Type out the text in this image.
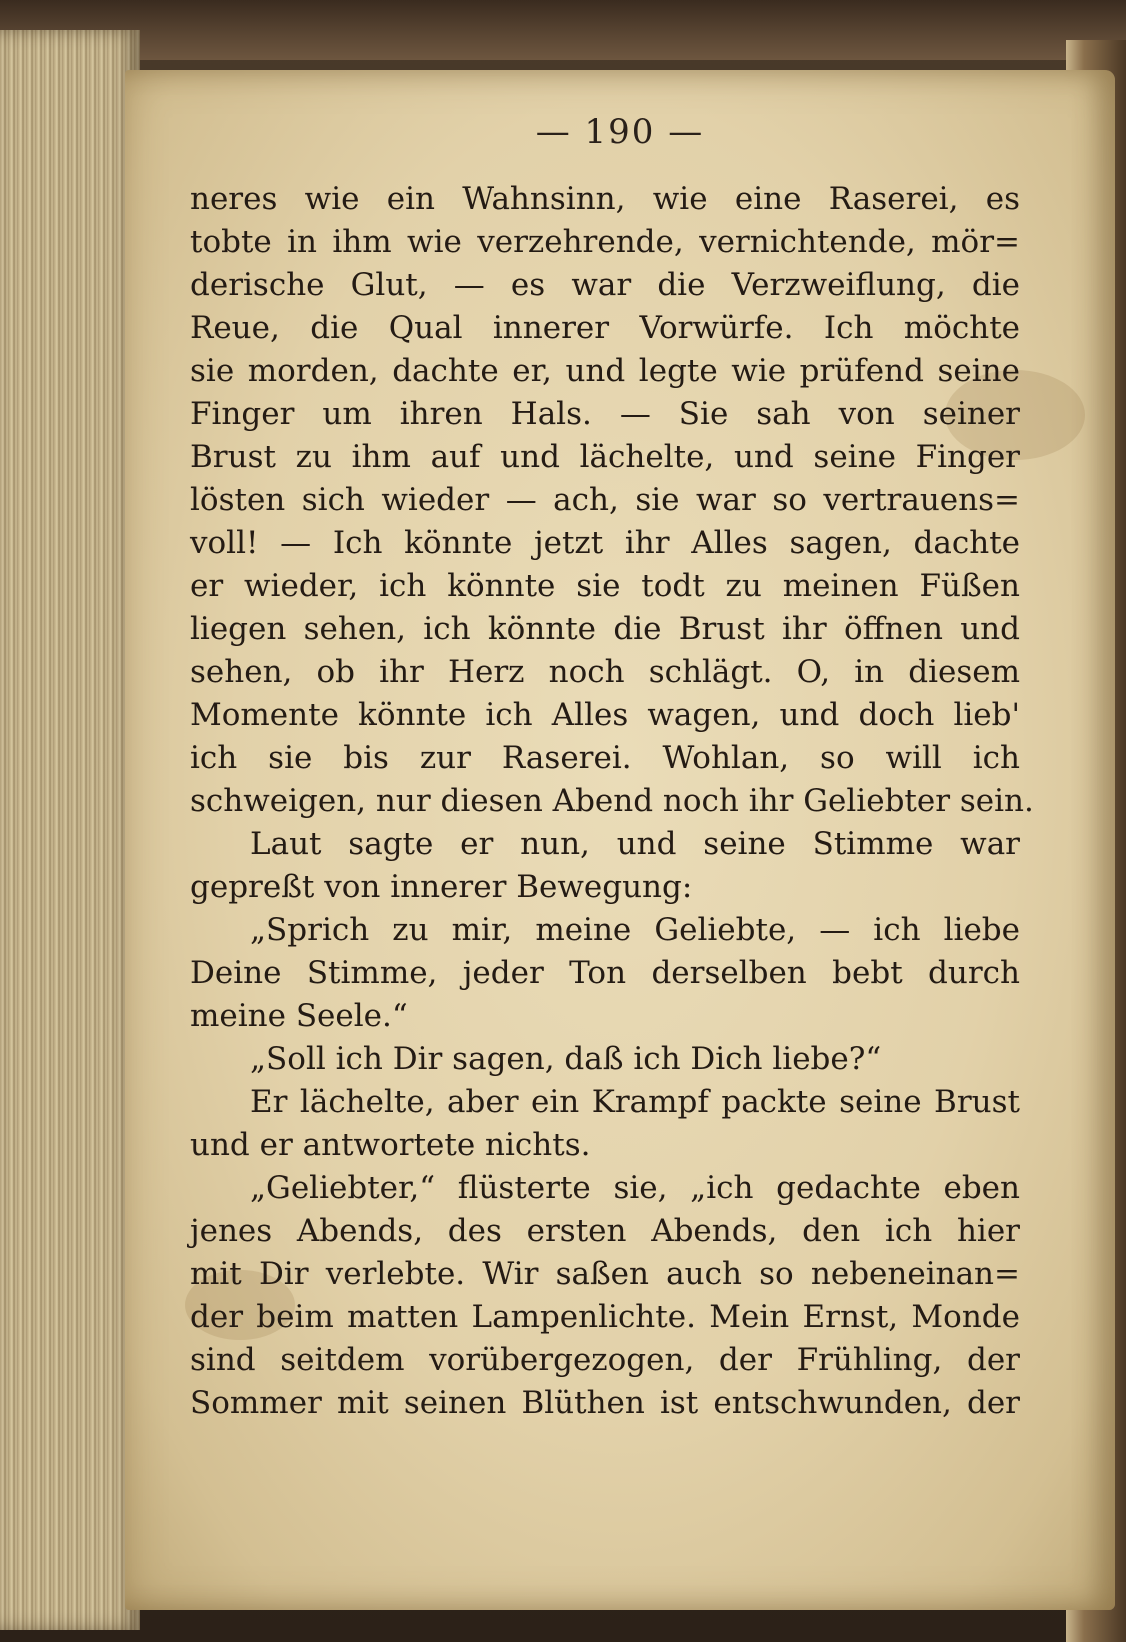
— 190 —
neres wie ein Wahnsinn, wie eine Raserei, es
tobte in ihm wie verzehrende, vernichtende, mör=
derische Glut, — es war die Verzweiflung, die
Reue, die Qual innerer Vorwürfe. Ich möchte
sie morden, dachte er, und legte wie prüfend seine
Finger um ihren Hals. — Sie sah von seiner
Brust zu ihm auf und lächelte, und seine Finger
lösten sich wieder — ach, sie war so vertrauens=
voll! — Ich könnte jetzt ihr Alles sagen, dachte
er wieder, ich könnte sie todt zu meinen Füßen
liegen sehen, ich könnte die Brust ihr öffnen und
sehen, ob ihr Herz noch schlägt. O, in diesem
Momente könnte ich Alles wagen, und doch lieb'
ich sie bis zur Raserei. Wohlan, so will ich
schweigen, nur diesen Abend noch ihr Geliebter sein.
Laut sagte er nun, und seine Stimme war
gepreßt von innerer Bewegung:
„Sprich zu mir, meine Geliebte, — ich liebe
Deine Stimme, jeder Ton derselben bebt durch
meine Seele.“
„Soll ich Dir sagen, daß ich Dich liebe?“
Er lächelte, aber ein Krampf packte seine Brust
und er antwortete nichts.
„Geliebter,“ flüsterte sie, „ich gedachte eben
jenes Abends, des ersten Abends, den ich hier
mit Dir verlebte. Wir saßen auch so nebeneinan=
der beim matten Lampenlichte. Mein Ernst, Monde
sind seitdem vorübergezogen, der Frühling, der
Sommer mit seinen Blüthen ist entschwunden, der
